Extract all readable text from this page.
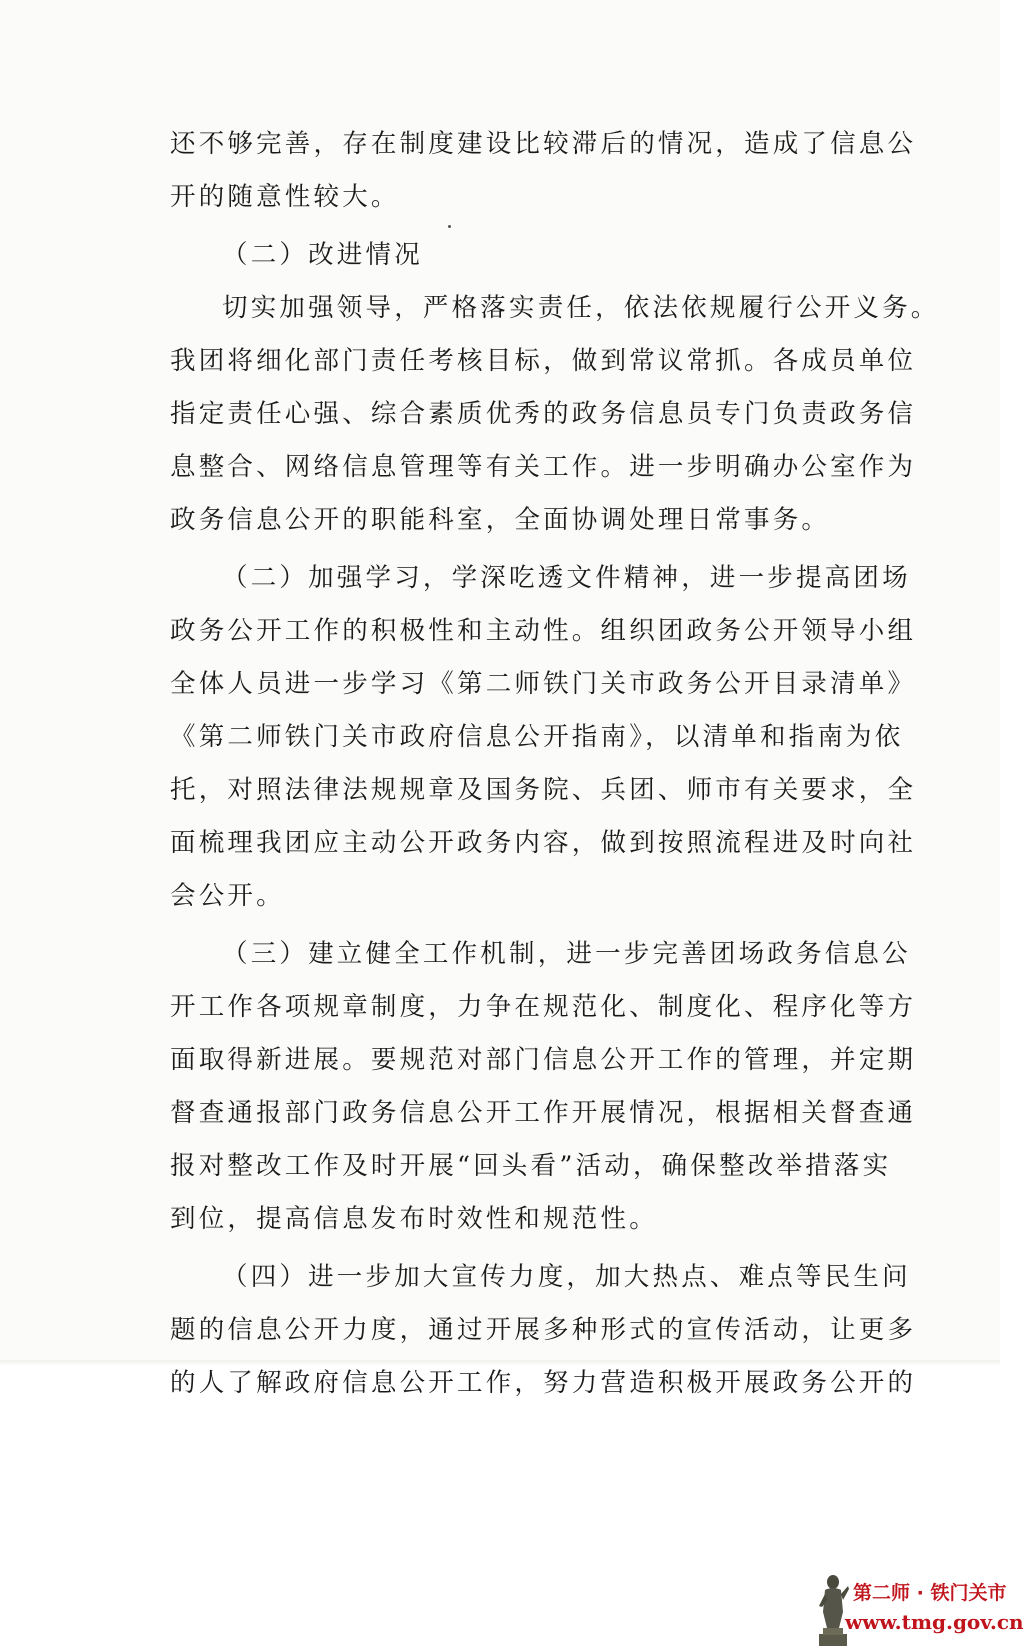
还不够完善，存在制度建设比较滞后的情况，造成了信息公
开的随意性较大。
（二）改进情况
切实加强领导，严格落实责任，依法依规履行公开义务。
我团将细化部门责任考核目标，做到常议常抓。各成员单位
指定责任心强、综合素质优秀的政务信息员专门负责政务信
息整合、网络信息管理等有关工作。进一步明确办公室作为
政务信息公开的职能科室，全面协调处理日常事务。
（二）加强学习，学深吃透文件精神，进一步提高团场
政务公开工作的积极性和主动性。组织团政务公开领导小组
全体人员进一步学习《第二师铁门关市政务公开目录清单》
《第二师铁门关市政府信息公开指南》，以清单和指南为依
托，对照法律法规规章及国务院、兵团、师市有关要求，全
面梳理我团应主动公开政务内容，做到按照流程进及时向社
会公开。
（三）建立健全工作机制，进一步完善团场政务信息公
开工作各项规章制度，力争在规范化、制度化、程序化等方
面取得新进展。要规范对部门信息公开工作的管理，并定期
督查通报部门政务信息公开工作开展情况，根据相关督查通
报对整改工作及时开展“回头看”活动，确保整改举措落实
到位，提高信息发布时效性和规范性。
（四）进一步加大宣传力度，加大热点、难点等民生问
题的信息公开力度，通过开展多种形式的宣传活动，让更多
的人了解政府信息公开工作，努力营造积极开展政务公开的
第二师 · 铁门关市
www.tmg.gov.cn
